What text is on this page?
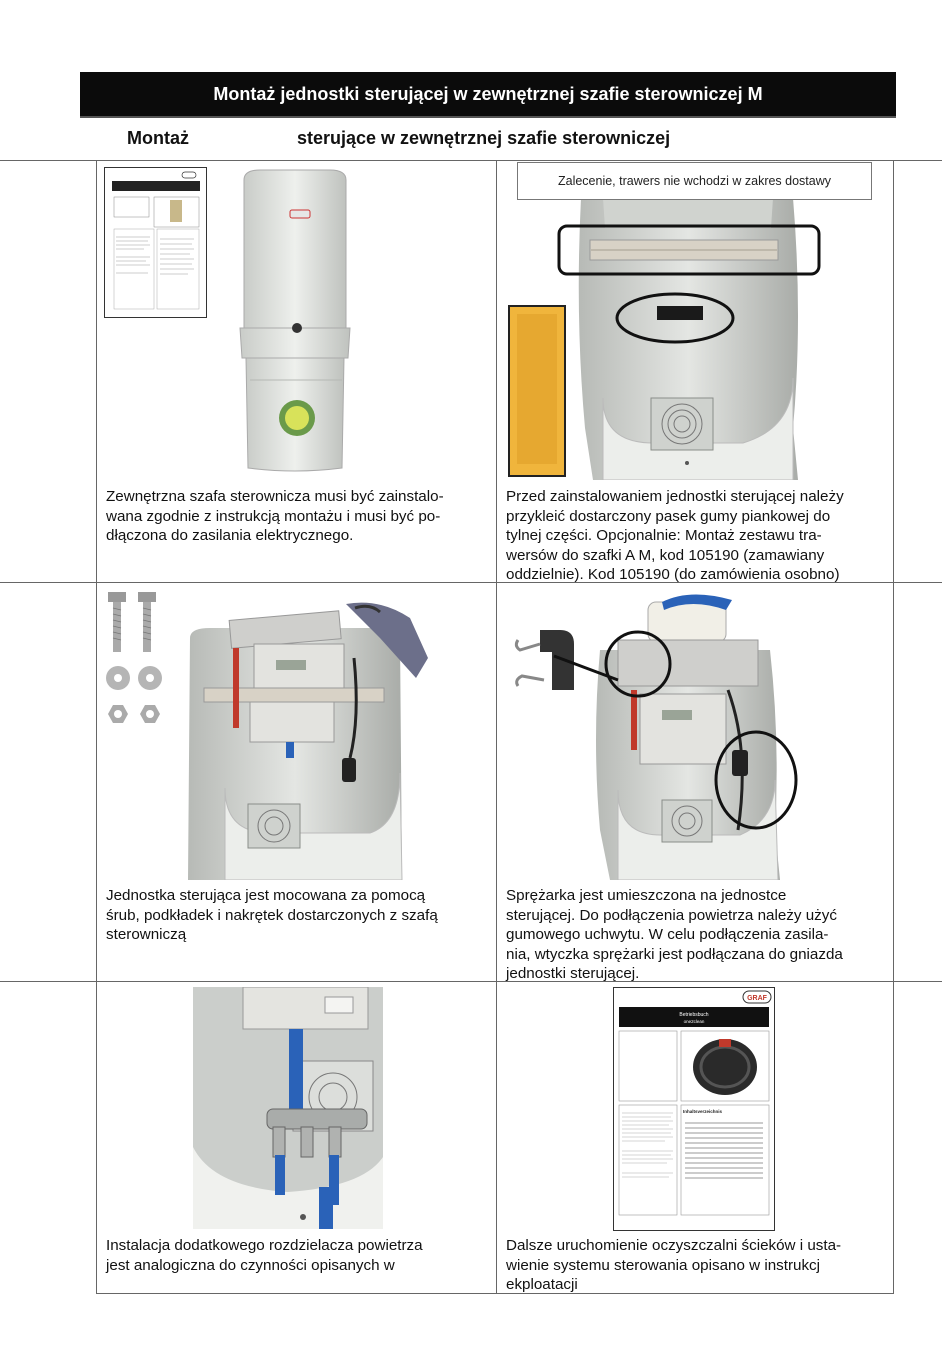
Montaż jednostki sterującej w zewnętrznej szafie sterowniczej M
Montaż	sterujące w zewnętrznej szafie sterowniczej
Zewnętrzna szafa sterownicza musi być zainstalo-
wana zgodnie z instrukcją montażu i musi być po-
dłączona do zasilania elektrycznego.
Zalecenie, trawers nie wchodzi w zakres dostawy
Przed zainstalowaniem jednostki sterującej należy
przykleić dostarczony pasek gumy piankowej do
tylnej części. Opcjonalnie: Montaż zestawu tra-
wersów do szafki A M, kod 105190 (zamawiany
oddzielnie). Kod 105190 (do zamówienia osobno)
Jednostka sterująca jest mocowana za pomocą
śrub, podkładek i nakrętek dostarczonych z szafą
sterowniczą
Sprężarka jest umieszczona na jednostce
sterującej. Do podłączenia powietrza należy użyć
gumowego uchwytu. W celu podłączenia zasila-
nia, wtyczka sprężarki jest podłączana do gniazda
jednostki sterującej.
Instalacja dodatkowego rozdzielacza powietrza
jest analogiczna do czynności opisanych w
GRAF
Betriebsbuch
one2clean
Inhaltsverzeichnis
Dalsze uruchomienie oczyszczalni ścieków i usta-
wienie systemu sterowania opisano w instrukcj
ekploatacji
